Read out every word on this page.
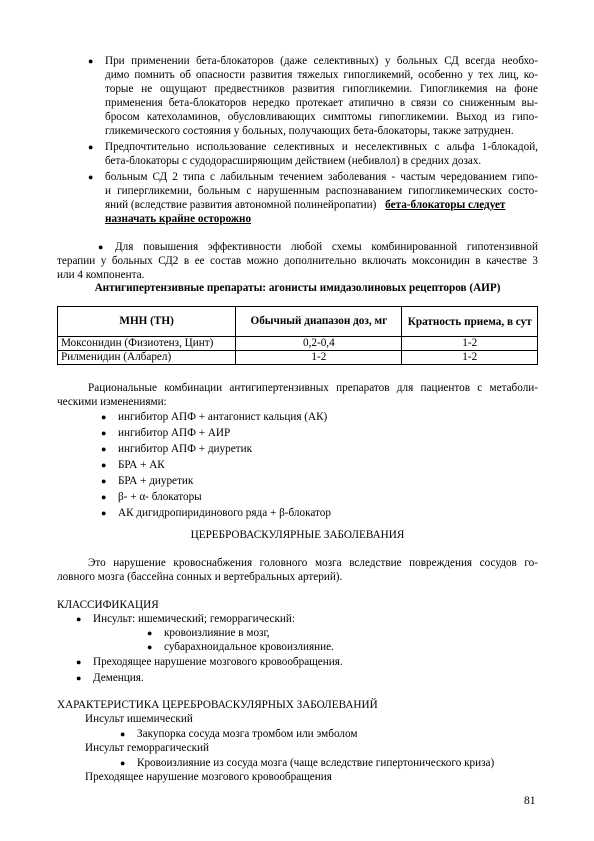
● При применении бета-блокаторов (даже селективных) у больных СД всегда необхо-
димо помнить об опасности развития тяжелых гипогликемий, особенно у тех лиц, ко-
торые не ощущают предвестников развития гипогликемии. Гипогликемия на фоне
применения бета-блокаторов нередко протекает атипично в связи со сниженным вы-
бросом катехоламинов, обусловливающих симптомы гипогликемии. Выход из гипо-
гликемического состояния у больных, получающих бета-блокаторы, также затруднен.
● Предпочтительно использование селективных и неселективных с альфа 1-блокадой,
бета-блокаторы с судодорасширяющим действием (небивлол) в средних дозах.
● больным СД 2 типа с лабильным течением заболевания - частым чередованием гипо-
и гипергликемии, больным с нарушенным распознаванием гипогликемических состо-
яний (вследствие развития автономной полинейропатии) бета-блокаторы следует
назначать крайне осторожно
● Для повышения эффективности любой схемы комбинированной гипотензивной
терапии у больных СД2 в ее состав можно дополнительно включать моксонидин в качестве 3
или 4 компонента.
Антигипертензивные препараты: агонисты имидазолиновых рецепторов (АИР)
МНН (ТН)	Обычный диапазон доз, мг	Кратность приема, в сут
Моксонидин (Физиотенз, Цинт)	0,2-0,4	1-2
Рилменидин (Албарел)	1-2	1-2
Рациональные комбинации антигипертензивных препаратов для пациентов с метаболи-
ческими изменениями:
● ингибитор АПФ + антагонист кальция (АК)
● ингибитор АПФ + АИР
● ингибитор АПФ + диуретик
● БРА + АК
● БРА + диуретик
● β- + α- блокаторы
● АК дигидропиридинового ряда + β-блокатор
ЦЕРЕБРОВАСКУЛЯРНЫЕ ЗАБОЛЕВАНИЯ
Это нарушение кровоснабжения головного мозга вследствие повреждения сосудов го-
ловного мозга (бассейна сонных и вертебральных артерий).
КЛАССИФИКАЦИЯ
● Инсульт: ишемический; геморрагический:
● кровоизлияние в мозг,
● субарахноидальное кровоизлияние.
● Преходящее нарушение мозгового кровообращения.
● Деменция.
ХАРАКТЕРИСТИКА ЦЕРЕБРОВАСКУЛЯРНЫХ ЗАБОЛЕВАНИЙ
Инсульт ишемический
● Закупорка сосуда мозга тромбом или эмболом
Инсульт геморрагический
● Кровоизлияние из сосуда мозга (чаще вследствие гипертонического криза)
Преходящее нарушение мозгового кровообращения
81
